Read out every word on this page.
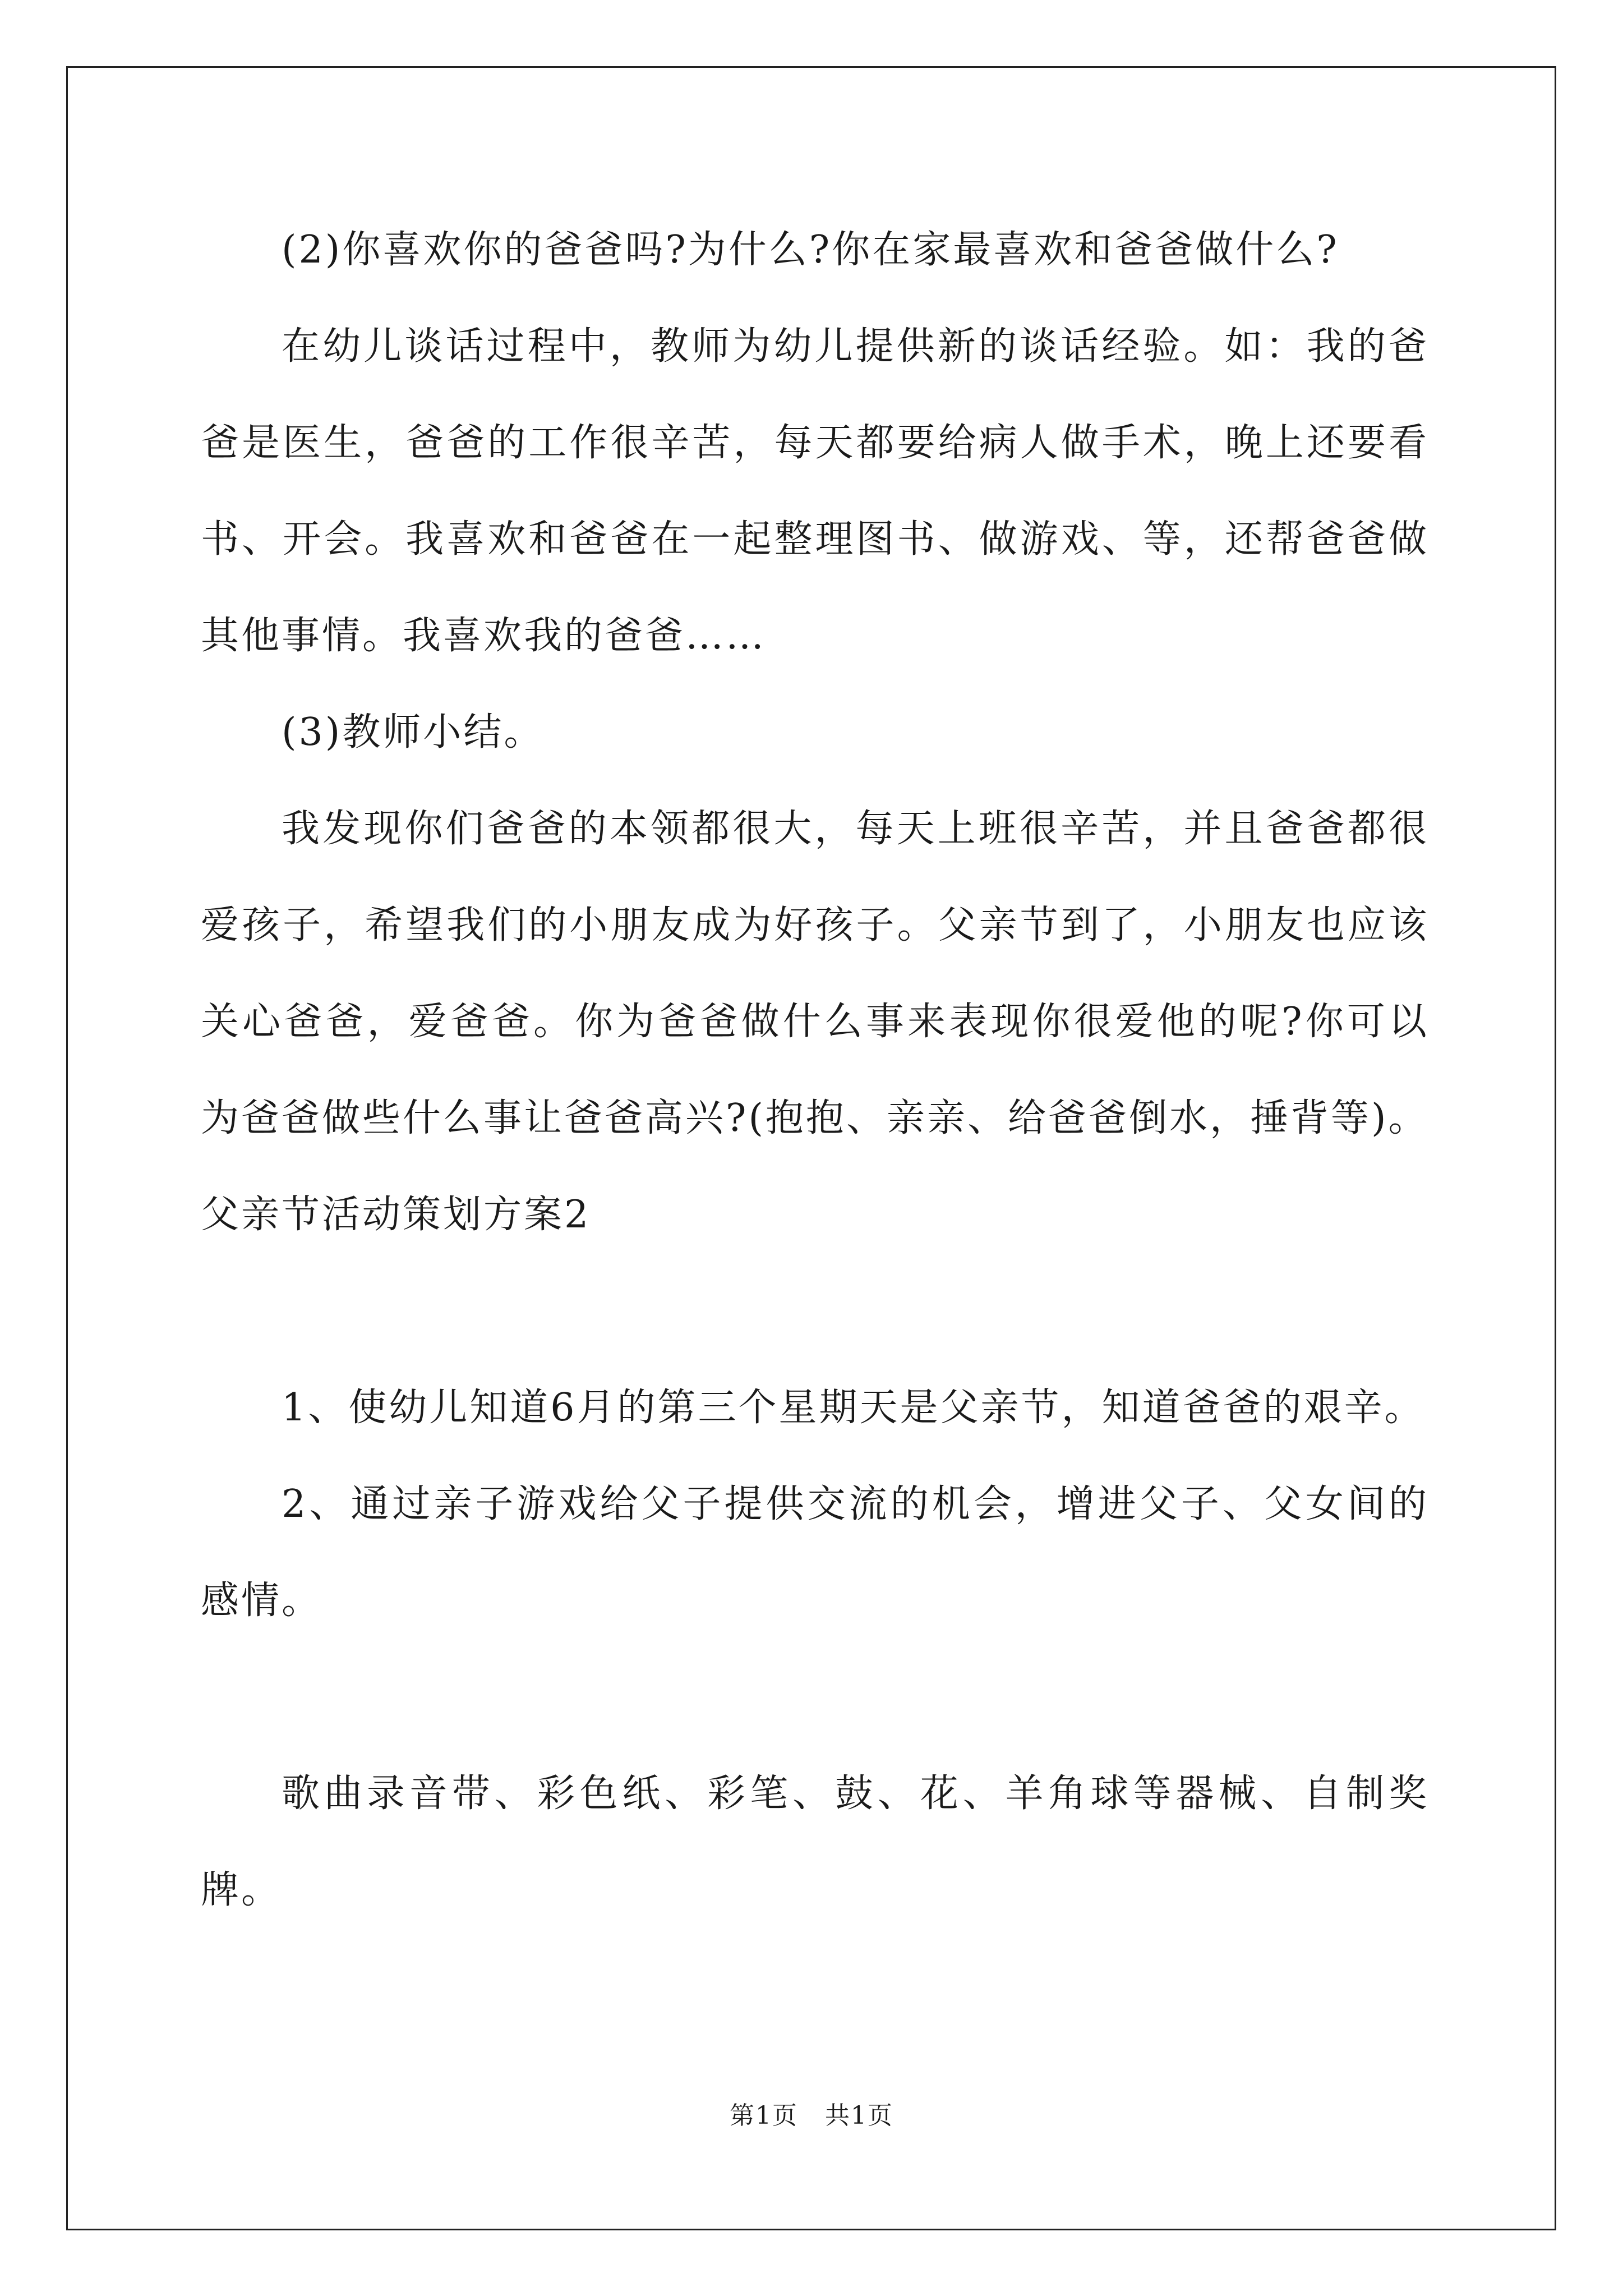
(2)你喜欢你的爸爸吗?为什么?你在家最喜欢和爸爸做什么?

在幼儿谈话过程中，教师为幼儿提供新的谈话经验。如：我的爸爸是医生，爸爸的工作很辛苦，每天都要给病人做手术，晚上还要看书、开会。我喜欢和爸爸在一起整理图书、做游戏、等，还帮爸爸做其他事情。我喜欢我的爸爸……

(3)教师小结。

我发现你们爸爸的本领都很大，每天上班很辛苦，并且爸爸都很爱孩子，希望我们的小朋友成为好孩子。父亲节到了，小朋友也应该关心爸爸，爱爸爸。你为爸爸做什么事来表现你很爱他的呢?你可以为爸爸做些什么事让爸爸高兴?(抱抱、亲亲、给爸爸倒水，捶背等)。

父亲节活动策划方案2

1、使幼儿知道6月的第三个星期天是父亲节，知道爸爸的艰辛。

2、通过亲子游戏给父子提供交流的机会，增进父子、父女间的感情。

歌曲录音带、彩色纸、彩笔、鼓、花、羊角球等器械、自制奖牌。

第1页 共1页
